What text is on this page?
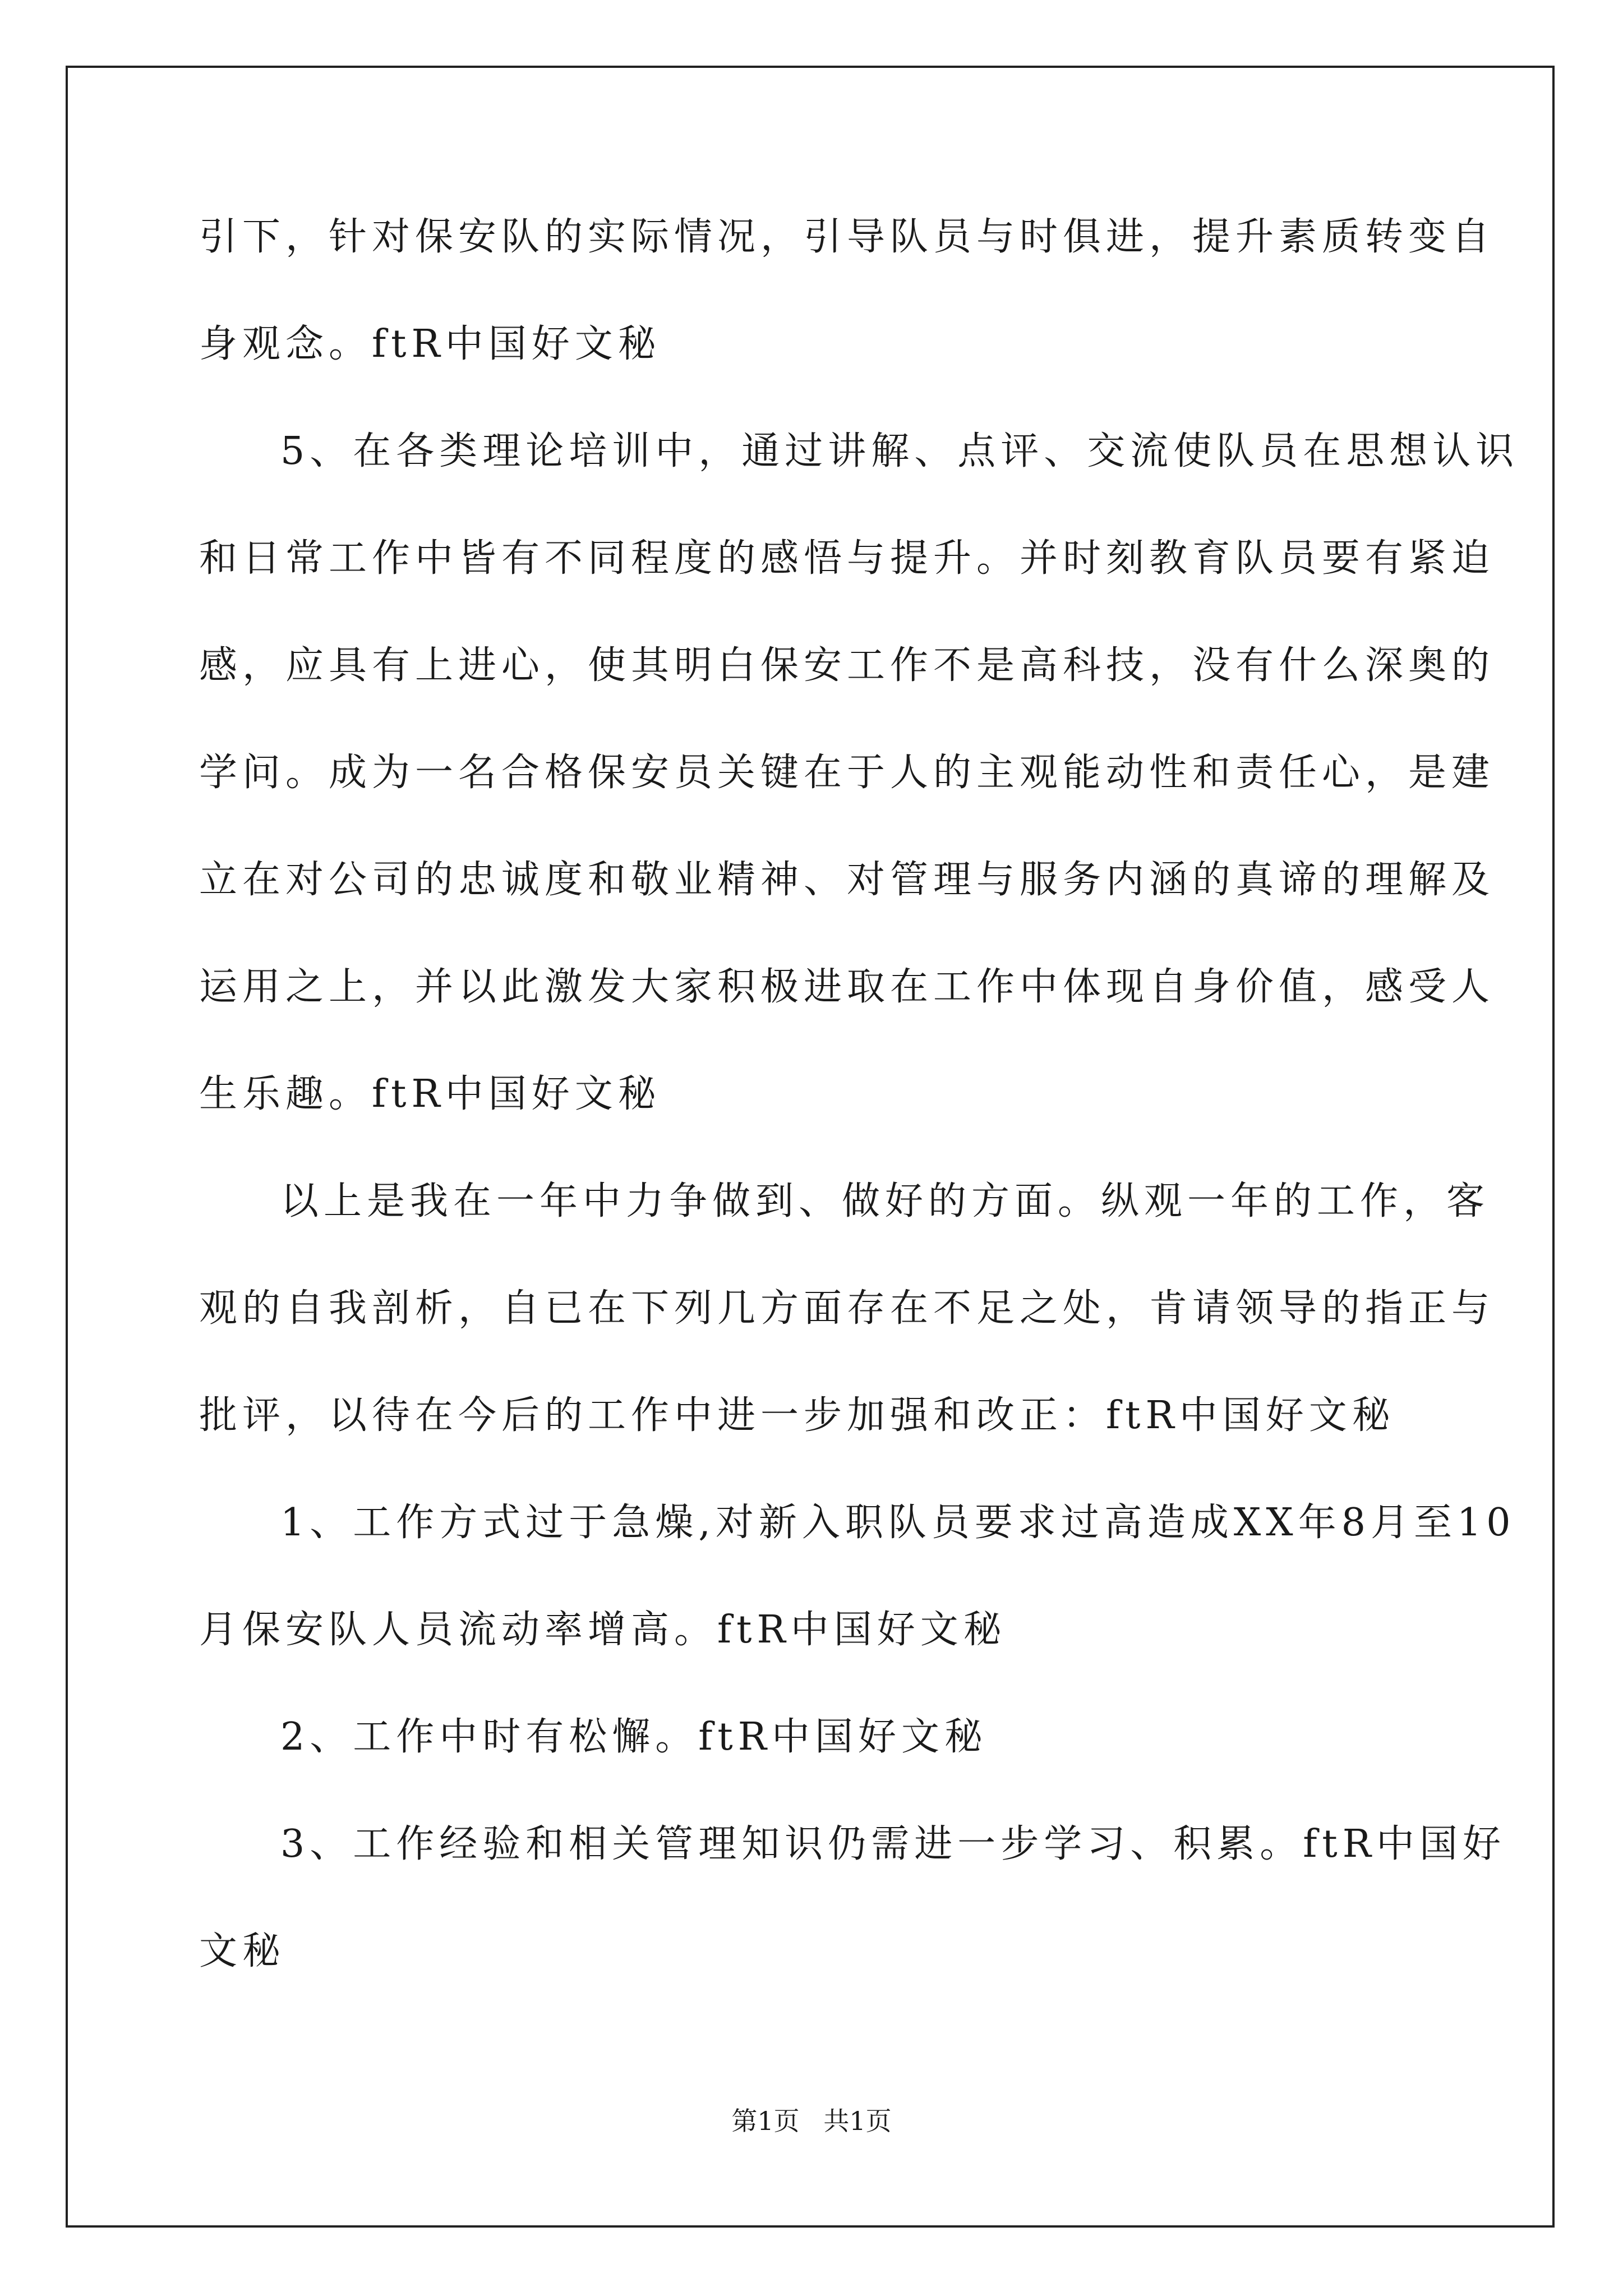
引下，针对保安队的实际情况，引导队员与时俱进，提升素质转变自
身观念。ftR中国好文秘
5、在各类理论培训中，通过讲解、点评、交流使队员在思想认识
和日常工作中皆有不同程度的感悟与提升。并时刻教育队员要有紧迫
感，应具有上进心，使其明白保安工作不是高科技，没有什么深奥的
学问。成为一名合格保安员关键在于人的主观能动性和责任心，是建
立在对公司的忠诚度和敬业精神、对管理与服务内涵的真谛的理解及
运用之上，并以此激发大家积极进取在工作中体现自身价值，感受人
生乐趣。ftR中国好文秘
以上是我在一年中力争做到、做好的方面。纵观一年的工作，客
观的自我剖析，自已在下列几方面存在不足之处，肯请领导的指正与
批评，以待在今后的工作中进一步加强和改正：ftR中国好文秘
1、工作方式过于急燥,对新入职队员要求过高造成XX年8月至10
月保安队人员流动率增高。ftR中国好文秘
2、工作中时有松懈。ftR中国好文秘
3、工作经验和相关管理知识仍需进一步学习、积累。ftR中国好
文秘
第1页 共1页
